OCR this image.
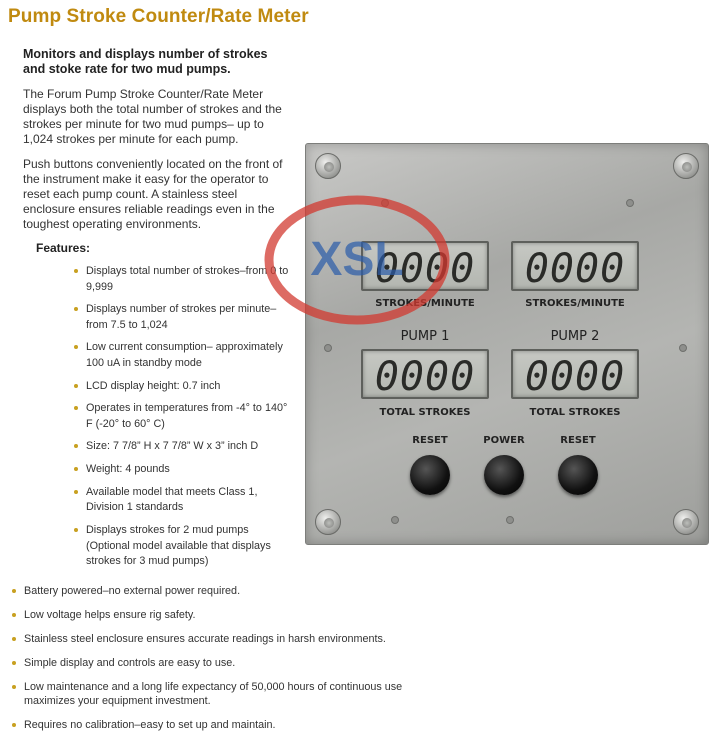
Pump Stroke Counter/Rate Meter
Monitors and displays number of strokes and stoke rate for two mud pumps.
The Forum Pump Stroke Counter/Rate Meter displays both the total number of strokes and the strokes per minute for two mud pumps– up to 1,024 strokes per minute for each pump.
Push buttons conveniently located on the front of the instrument make it easy for the operator to reset each pump count. A stainless steel enclosure ensures reliable readings even in the toughest operating environments.
Features:
Displays total number of strokes–from 0 to 9,999
Displays number of strokes per minute–from 7.5 to 1,024
Low current consumption– approximately 100 uA in standby mode
LCD display height: 0.7 inch
Operates in temperatures from -4° to 140° F (-20° to 60° C)
Size: 7 7/8” H x 7 7/8” W x 3” inch D
Weight: 4 pounds
Available model that meets Class 1, Division 1 standards
Displays strokes for 2 mud pumps (Optional model available that displays strokes for 3 mud pumps)
Battery powered–no external power required.
Low voltage helps ensure rig safety.
Stainless steel enclosure ensures accurate readings in harsh environments.
Simple display and controls are easy to use.
Low maintenance and a long life expectancy of 50,000 hours of continuous use maximizes your equipment investment.
Requires no calibration–easy to set up and maintain.
0000 0000
STROKES/MINUTE	STROKES/MINUTE
PUMP 1	PUMP 2
0000 0000
TOTAL STROKES	TOTAL STROKES
RESET	POWER	RESET
XSL
